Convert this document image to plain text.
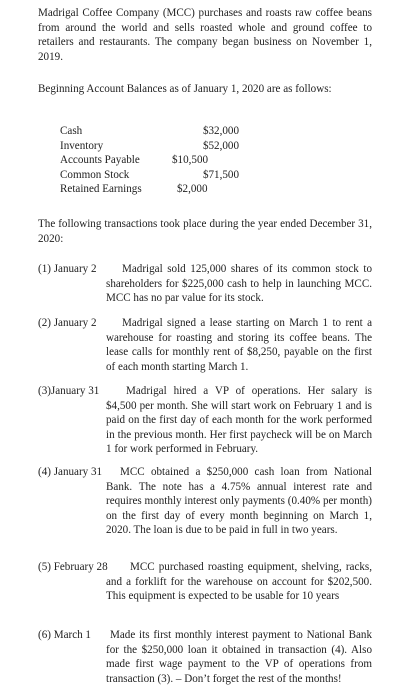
Madrigal Coffee Company (MCC) purchases and roasts raw coffee beans from around the world and sells roasted whole and ground coffee to retailers and restaurants. The company began business on November 1, 2019.

Beginning Account Balances as of January 1, 2020 are as follows:

Cash	$32,000	
Inventory	$52,000	
Accounts Payable		$10,500
Common Stock	$71,500	
Retained Earnings		$2,000

The following transactions took place during the year ended December 31, 2020:

(1) January 2 Madrigal sold 125,000 shares of its common stock to shareholders for $225,000 cash to help in launching MCC. MCC has no par value for its stock.
(2) January 2 Madrigal signed a lease starting on March 1 to rent a warehouse for roasting and storing its coffee beans. The lease calls for monthly rent of $8,250, payable on the first of each month starting March 1.
(3)January 31 Madrigal hired a VP of operations. Her salary is $4,500 per month. She will start work on February 1 and is paid on the first day of each month for the work performed in the previous month. Her first paycheck will be on March 1 for work performed in February.
(4) January 31 MCC obtained a $250,000 cash loan from National Bank. The note has a 4.75% annual interest rate and requires monthly interest only payments (0.40% per month) on the first day of every month beginning on March 1, 2020. The loan is due to be paid in full in two years.
(5) February 28 MCC purchased roasting equipment, shelving, racks, and a forklift for the warehouse on account for $202,500. This equipment is expected to be usable for 10 years
(6) March 1 Made its first monthly interest payment to National Bank for the $250,000 loan it obtained in transaction (4). Also made first wage payment to the VP of operations from transaction (3). – Don’t forget the rest of the months!
